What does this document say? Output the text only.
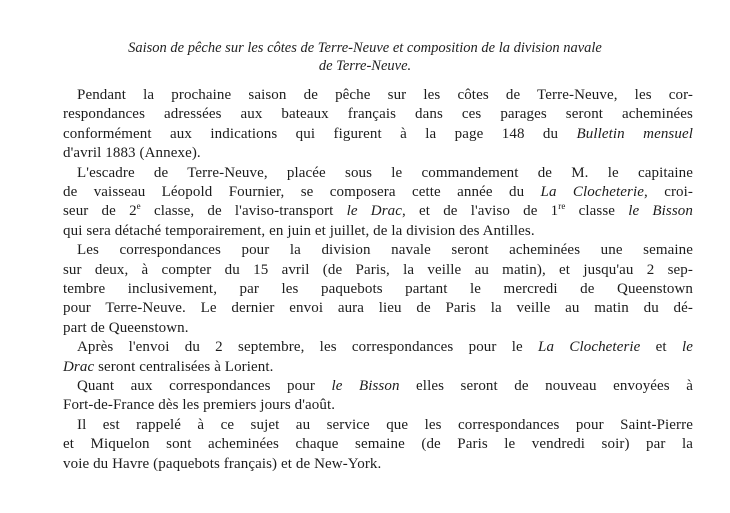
Saison de pêche sur les côtes de Terre-Neuve et composition de la division navale
de Terre-Neuve.
Pendant la prochaine saison de pêche sur les côtes de Terre-Neuve, les cor-
respondances adressées aux bateaux français dans ces parages seront acheminées
conformément aux indications qui figurent à la page 148 du Bulletin mensuel
d'avril 1883 (Annexe).
L'escadre de Terre-Neuve, placée sous le commandement de M. le capitaine
de vaisseau Léopold Fournier, se composera cette année du La Clocheterie, croi-
seur de 2e classe, de l'aviso-transport le Drac, et de l'aviso de 1re classe le Bisson
qui sera détaché temporairement, en juin et juillet, de la division des Antilles.
Les correspondances pour la division navale seront acheminées une semaine
sur deux, à compter du 15 avril (de Paris, la veille au matin), et jusqu'au 2 sep-
tembre inclusivement, par les paquebots partant le mercredi de Queenstown
pour Terre-Neuve. Le dernier envoi aura lieu de Paris la veille au matin du dé-
part de Queenstown.
Après l'envoi du 2 septembre, les correspondances pour le La Clocheterie et le
Drac seront centralisées à Lorient.
Quant aux correspondances pour le Bisson elles seront de nouveau envoyées à
Fort-de-France dès les premiers jours d'août.
Il est rappelé à ce sujet au service que les correspondances pour Saint-Pierre
et Miquelon sont acheminées chaque semaine (de Paris le vendredi soir) par la
voie du Havre (paquebots français) et de New-York.
